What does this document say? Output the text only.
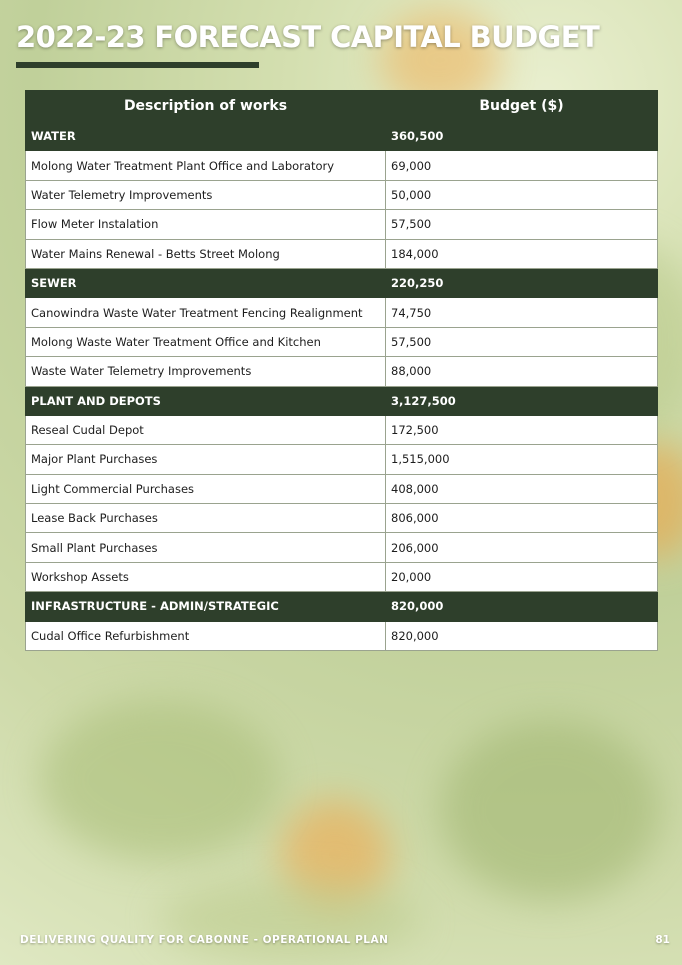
2022-23 FORECAST CAPITAL BUDGET
Description of works	Budget ($)
WATER	360,500
Molong Water Treatment Plant Office and Laboratory	69,000
Water Telemetry Improvements	50,000
Flow Meter Instalation	57,500
Water Mains Renewal - Betts Street Molong	184,000
SEWER	220,250
Canowindra Waste Water Treatment Fencing Realignment	74,750
Molong Waste Water Treatment Office and Kitchen	57,500
Waste Water Telemetry Improvements	88,000
PLANT AND DEPOTS	3,127,500
Reseal Cudal Depot	172,500
Major Plant Purchases	1,515,000
Light Commercial Purchases	408,000
Lease Back Purchases	806,000
Small Plant Purchases	206,000
Workshop Assets	20,000
INFRASTRUCTURE - ADMIN/STRATEGIC	820,000
Cudal Office Refurbishment	820,000
DELIVERING QUALITY FOR CABONNE - OPERATIONAL PLAN	81
